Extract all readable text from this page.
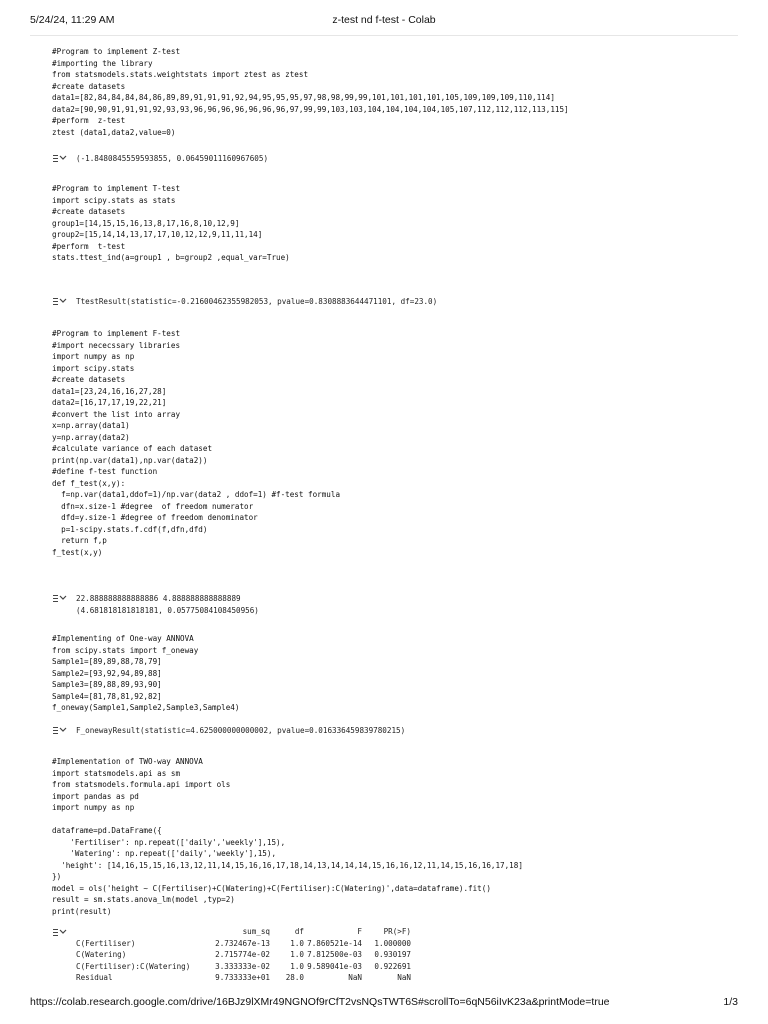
5/24/24, 11:29 AM	z-test nd f-test - Colab
#Program to implement Z-test
#importing the library
from statsmodels.stats.weightstats import ztest as ztest
#create datasets
data1=[82,84,84,84,84,86,89,89,91,91,91,92,94,95,95,95,97,98,98,99,99,101,101,101,101,105,109,109,109,110,114]
data2=[90,90,91,91,91,92,93,93,96,96,96,96,96,96,96,97,99,99,103,103,104,104,104,104,105,107,112,112,112,113,115]
#perform  z-test
ztest (data1,data2,value=0)
(-1.8480845559593855, 0.06459011160967605)
#Program to implement T-test
import scipy.stats as stats
#create datasets
group1=[14,15,15,16,13,8,17,16,8,10,12,9]
group2=[15,14,14,13,17,17,10,12,12,9,11,11,14]
#perform  t-test
stats.ttest_ind(a=group1 , b=group2 ,equal_var=True)
TtestResult(statistic=-0.21600462355982053, pvalue=0.8308883644471101, df=23.0)
#Program to implement F-test
#import nececssary libraries
import numpy as np
import scipy.stats
#create datasets
data1=[23,24,16,16,27,28]
data2=[16,17,17,19,22,21]
#convert the list into array
x=np.array(data1)
y=np.array(data2)
#calculate variance of each dataset
print(np.var(data1),np.var(data2))
#define f-test function
def f_test(x,y):
f=np.var(data1,ddof=1)/np.var(data2 , ddof=1) #f-test formula
dfn=x.size-1 #degree  of freedom numerator
dfd=y.size-1 #degree of freedom denominator
p=1-scipy.stats.f.cdf(f,dfn,dfd)
return f,p
f_test(x,y)
22.888888888888886 4.888888888888889
(4.681818181818181, 0.05775084108450956)
#Implementing of One-way ANNOVA
from scipy.stats import f_oneway
Sample1=[89,89,88,78,79]
Sample2=[93,92,94,89,88]
Sample3=[89,88,89,93,90]
Sample4=[81,78,81,92,82]
f_oneway(Sample1,Sample2,Sample3,Sample4)
F_onewayResult(statistic=4.625000000000002, pvalue=0.016336459839780215)
#Implementation of TWO-way ANNOVA
import statsmodels.api as sm
from statsmodels.formula.api import ols
import pandas as pd
import numpy as np

dataframe=pd.DataFrame({
'Fertiliser': np.repeat(['daily','weekly'],15),
'Watering': np.repeat(['daily','weekly'],15),
'height': [14,16,15,15,16,13,12,11,14,15,16,16,17,18,14,13,14,14,14,15,16,16,12,11,14,15,16,16,17,18]
})
model = ols('height ~ C(Fertiliser)+C(Watering)+C(Fertiliser):C(Watering)',data=dataframe).fit()
result = sm.stats.anova_lm(model ,typ=2)
print(result)
	sum_sq	df	F	PR(>F)
C(Fertiliser)	2.732467e-13	1.0	7.860521e-14	1.000000
C(Watering)	2.715774e-02	1.0	7.812500e-03	0.930197
C(Fertiliser):C(Watering)	3.333333e-02	1.0	9.589041e-03	0.922691
Residual	9.733333e+01	28.0	NaN	NaN
https://colab.research.google.com/drive/16BJz9lXMr49NGNOf9rCfT2vsNQsTWT6S#scrollTo=6qN56iIvK23a&printMode=true	1/3
